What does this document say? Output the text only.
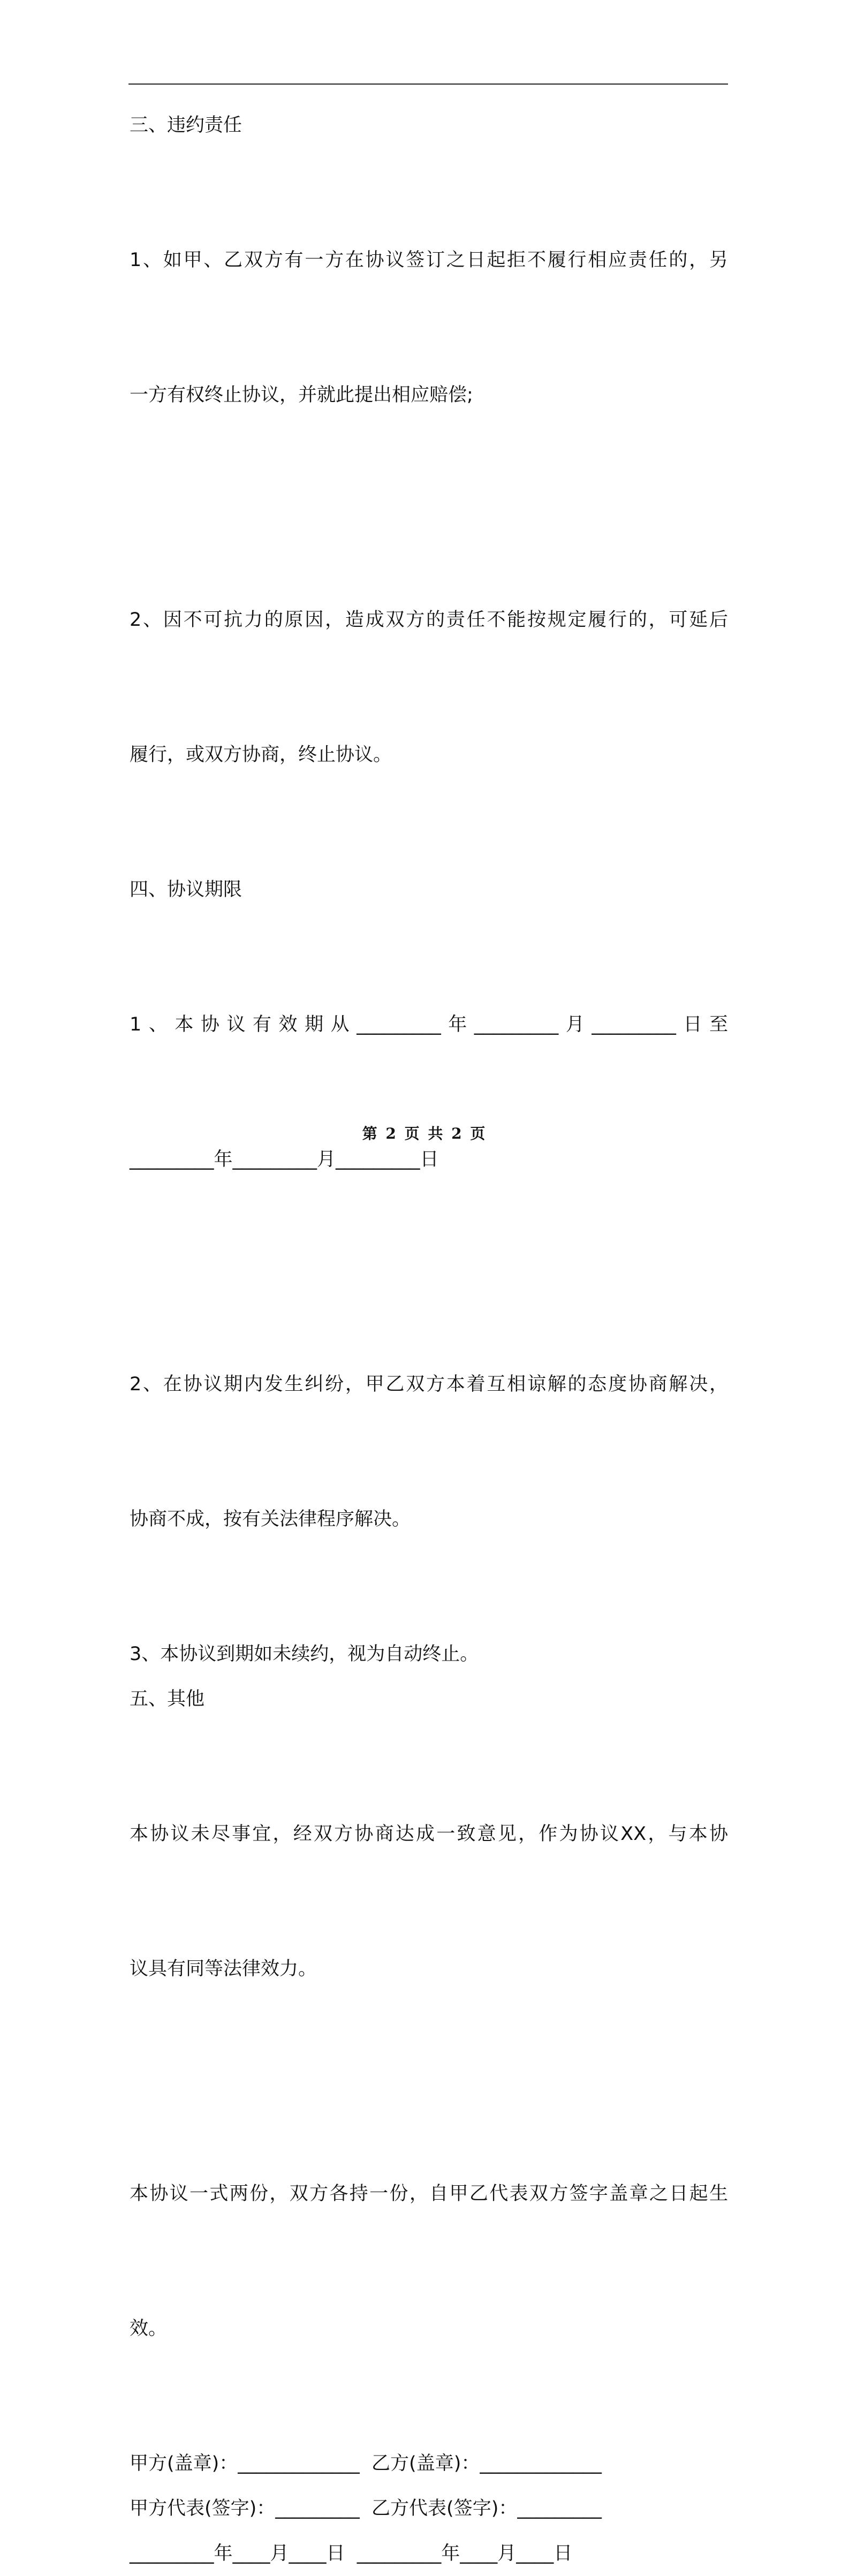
三、违约责任

1、如甲、乙双方有一方在协议签订之日起拒不履行相应责任的，另

一方有权终止协议，并就此提出相应赔偿;

2、因不可抗力的原因，造成双方的责任不能按规定履行的，可延后

履行，或双方协商，终止协议。

四、协议期限

1、本协议有效期从_________年_________月_________日至

_________年_________月_________日

2、在协议期内发生纠纷，甲乙双方本着互相谅解的态度协商解决，

协商不成，按有关法律程序解决。

3、本协议到期如未续约，视为自动终止。

五、其他

本协议未尽事宜，经双方协商达成一致意见，作为协议XX，与本协

议具有同等法律效力。

本协议一式两份，双方各持一份，自甲乙代表双方签字盖章之日起生

效。

甲方(盖章)：_____________  乙方(盖章)：_____________
甲方代表(签字)：_________  乙方代表(签字)：_________
_________年____月____日  _________年____月____日
第 2 页 共 2 页
